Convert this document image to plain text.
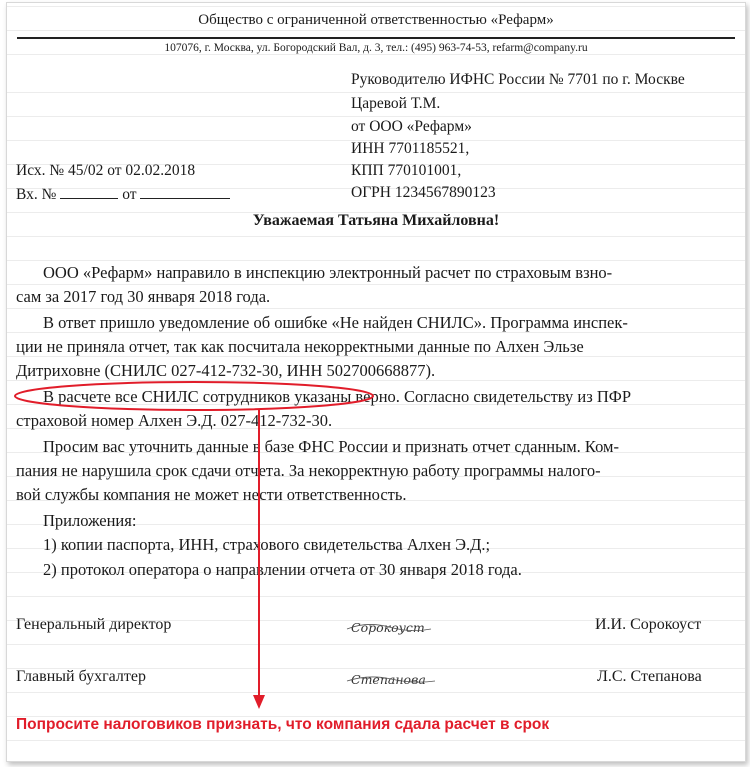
Общество с ограниченной ответственностью «Рефарм»
107076, г. Москва, ул. Богородский Вал, д. 3, тел.: (495) 963-74-53, refarm@company.ru
Руководителю ИФНС России № 7701 по г. Москве
Царевой Т.М.
от ООО «Рефарм»
ИНН 7701185521,
КПП 770101001,
ОГРН 1234567890123
Исх. № 45/02 от 02.02.2018
Вх. №	от
Уважаемая Татьяна Михайловна!
ООО «Рефарм» направило в инспекцию электронный расчет по страховым взно-
сам за 2017 год 30 января 2018 года.
В ответ пришло уведомление об ошибке «Не найден СНИЛС». Программа инспек-
ции не приняла отчет, так как посчитала некорректными данные по Алхен Эльзе
Дитриховне (СНИЛС 027-412-732-30, ИНН 502700668877).
В расчете все СНИЛС сотрудников указаны верно. Согласно свидетельству из ПФР
страховой номер Алхен Э.Д. 027-412-732-30.
Просим вас уточнить данные в базе ФНС России и признать отчет сданным. Ком-
пания не нарушила срок сдачи отчета. За некорректную работу программы налого-
вой службы компания не может нести ответственность.
Приложения:
1) копии паспорта, ИНН, страхового свидетельства Алхен Э.Д.;
2) протокол оператора о направлении отчета от 30 января 2018 года.
Генеральный директор	Сорокоуст	И.И. Сорокоуст
Главный бухгалтер	Степанова	Л.С. Степанова
Попросите налоговиков признать, что компания сдала расчет в срок
